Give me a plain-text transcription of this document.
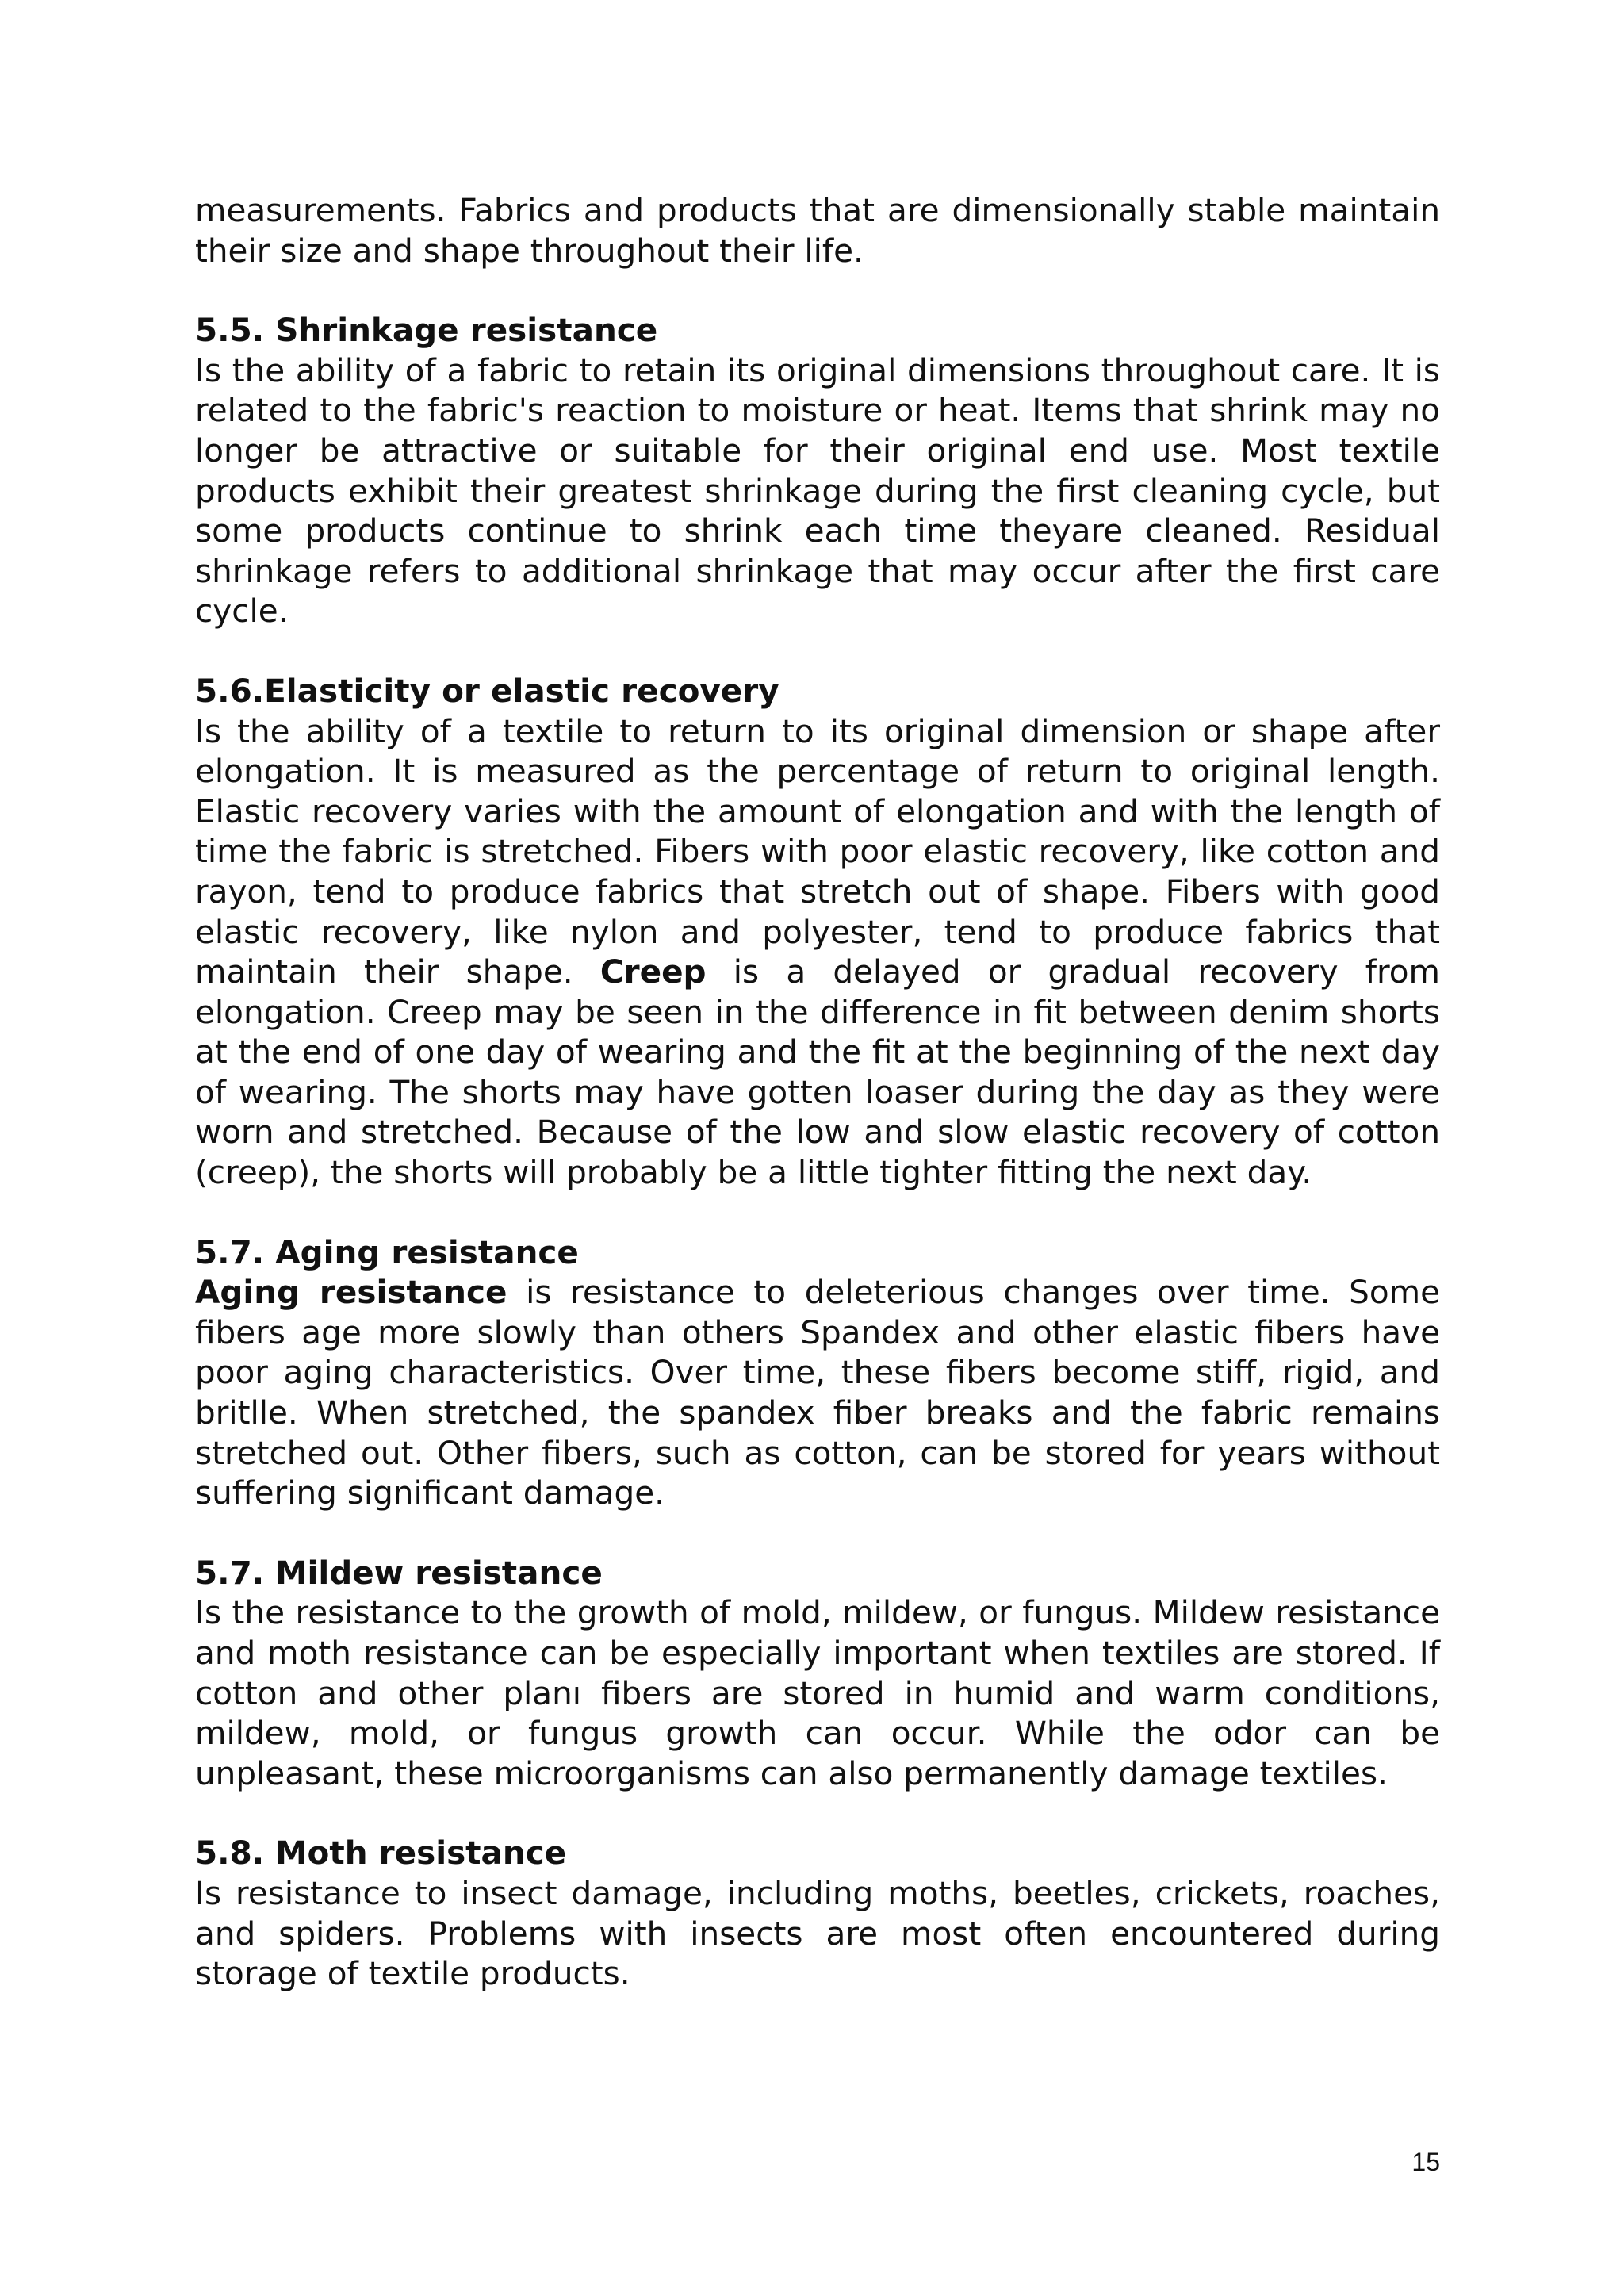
measurements. Fabrics and products that are dimensionally stable maintain their size and shape throughout their life.

5.5. Shrinkage resistance

Is the ability of a fabric to retain its original dimensions throughout care. It is related to the fabric's reaction to moisture or heat. Items that shrink may no longer be attractive or suitable for their original end use. Most textile products exhibit their greatest shrinkage during the first cleaning cycle, but some products continue to shrink each time theyare cleaned. Residual shrinkage refers to additional shrinkage that may occur after the first care cycle.

5.6.Elasticity or elastic recovery

Is the ability of a textile to return to its original dimension or shape after elongation. It is measured as the percentage of return to original length. Elastic recovery varies with the amount of elongation and with the length of time the fabric is stretched. Fibers with poor elastic recovery, like cotton and rayon, tend to produce fabrics that stretch out of shape. Fibers with good elastic recovery, like nylon and polyester, tend to produce fabrics that maintain their shape. Creep is a delayed or gradual recovery from elongation. Creep may be seen in the difference in fit between denim shorts at the end of one day of wearing and the fit at the beginning of the next day of wearing. The shorts may have gotten loaser during the day as they were worn and stretched. Because of the low and slow elastic recovery of cotton (creep), the shorts will probably be a little tighter fitting the next day.

5.7. Aging resistance

Aging resistance is resistance to deleterious changes over time. Some fibers age more slowly than others Spandex and other elastic fibers have poor aging characteristics. Over time, these fibers become stiff, rigid, and britlle. When stretched, the spandex fiber breaks and the fabric remains stretched out. Other fibers, such as cotton, can be stored for years without suffering significant damage.

5.7. Mildew resistance

Is the resistance to the growth of mold, mildew, or fungus. Mildew resistance and moth resistance can be especially important when textiles are stored. If cotton and other planı fibers are stored in humid and warm conditions, mildew, mold, or fungus growth can occur. While the odor can be unpleasant, these microorganisms can also permanently damage textiles.

5.8. Moth resistance

Is resistance to insect damage, including moths, beetles, crickets, roaches, and spiders. Problems with insects are most often encountered during storage of textile products.

15
